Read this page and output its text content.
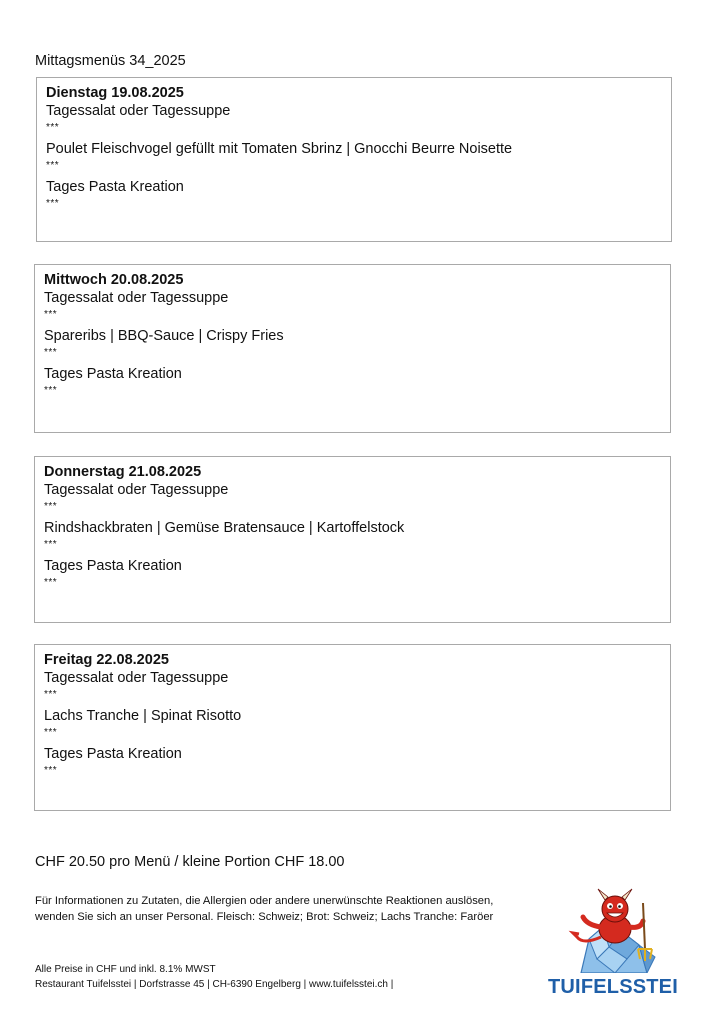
Mittagsmenüs 34_2025
Dienstag 19.08.2025
Tagessalat oder Tagessuppe
***
Poulet Fleischvogel gefüllt mit Tomaten Sbrinz | Gnocchi Beurre Noisette
***
Tages Pasta Kreation
***
Mittwoch 20.08.2025
Tagessalat oder Tagessuppe
***
Spareribs | BBQ-Sauce | Crispy Fries
***
Tages Pasta Kreation
***
Donnerstag 21.08.2025
Tagessalat oder Tagessuppe
***
Rindshackbraten | Gemüse Bratensauce | Kartoffelstock
***
Tages Pasta Kreation
***
Freitag 22.08.2025
Tagessalat oder Tagessuppe
***
Lachs Tranche | Spinat Risotto
***
Tages Pasta Kreation
***
CHF 20.50 pro Menü / kleine Portion CHF 18.00
Für Informationen zu Zutaten, die Allergien oder andere unerwünschte Reaktionen auslösen,
wenden Sie sich an unser Personal. Fleisch: Schweiz; Brot: Schweiz; Lachs Tranche: Faröer
Alle Preise in CHF und inkl. 8.1% MWST
Restaurant Tuifelsstei | Dorfstrasse 45 | CH-6390 Engelberg | www.tuifelsstei.ch |	TUIFELSSTEI
